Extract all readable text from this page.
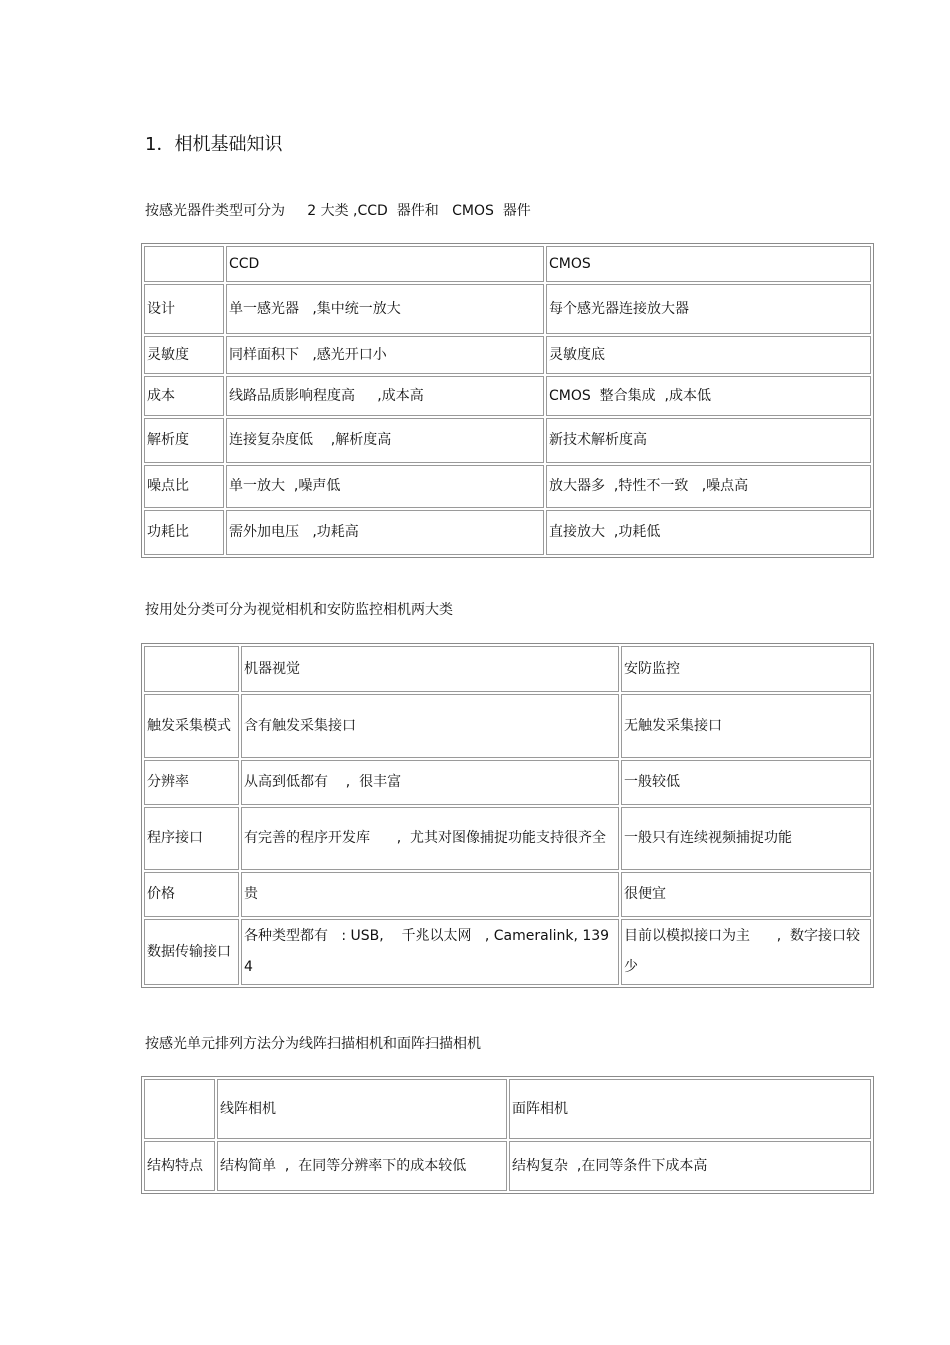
1．相机基础知识
按感光器件类型可分为     2 大类 ,CCD  器件和   CMOS  器件
	CCD	CMOS
设计	单一感光器   ,集中统一放大	每个感光器连接放大器
灵敏度	同样面积下   ,感光开口小	灵敏度底
成本	线路品质影响程度高     ,成本高	CMOS  整合集成  ,成本低
解析度	连接复杂度低    ,解析度高	新技术解析度高
噪点比	单一放大  ,噪声低	放大器多  ,特性不一致   ,噪点高
功耗比	需外加电压   ,功耗高	直接放大  ,功耗低
按用处分类可分为视觉相机和安防监控相机两大类
	机器视觉	安防监控
触发采集模式	含有触发采集接口	无触发采集接口
分辨率	从高到低都有    ,  很丰富	一般较低
程序接口	有完善的程序开发库      ,  尤其对图像捕捉功能支持很齐全	一般只有连续视频捕捉功能
价格	贵	很便宜
数据传输接口	各种类型都有   : USB,    千兆以太网   , Cameralink, 1394	目前以模拟接口为主      ,  数字接口较少
按感光单元排列方法分为线阵扫描相机和面阵扫描相机
	线阵相机	面阵相机
结构特点	结构简单  ,  在同等分辨率下的成本较低	结构复杂  ,在同等条件下成本高
